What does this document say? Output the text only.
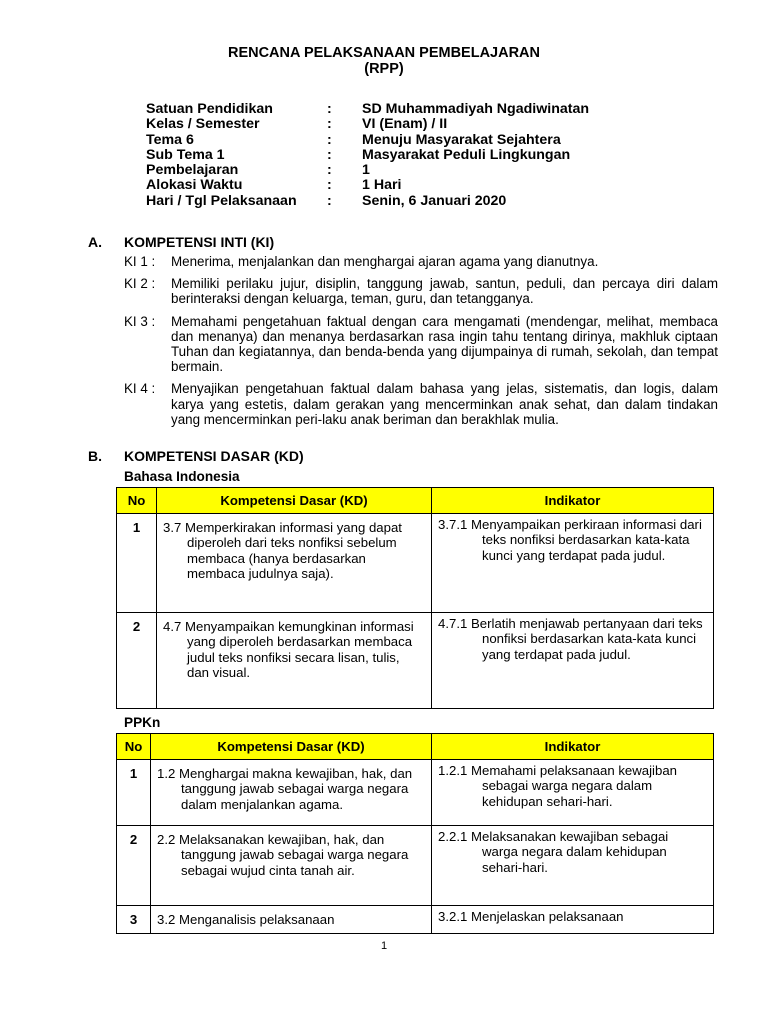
RENCANA PELAKSANAAN PEMBELAJARAN
(RPP)
Satuan Pendidikan	: SD Muhammadiyah Ngadiwinatan
Kelas / Semester	: VI (Enam) / II
Tema 6	: Menuju Masyarakat Sejahtera
Sub Tema 1	: Masyarakat Peduli Lingkungan
Pembelajaran	: 1
Alokasi Waktu	: 1 Hari
Hari / Tgl Pelaksanaan : Senin, 6 Januari 2020
A. KOMPETENSI INTI (KI)
KI 1 : Menerima, menjalankan dan menghargai ajaran agama yang dianutnya.
KI 2 : Memiliki perilaku jujur, disiplin, tanggung jawab, santun, peduli, dan percaya diri dalam berinteraksi dengan keluarga, teman, guru, dan tetangganya.
KI 3 : Memahami pengetahuan faktual dengan cara mengamati (mendengar, melihat, membaca dan menanya) dan menanya berdasarkan rasa ingin tahu tentang dirinya, makhluk ciptaan Tuhan dan kegiatannya, dan benda-benda yang dijumpainya di rumah, sekolah, dan tempat bermain.
KI 4 : Menyajikan pengetahuan faktual dalam bahasa yang jelas, sistematis, dan logis, dalam karya yang estetis, dalam gerakan yang mencerminkan anak sehat, dan dalam tindakan yang mencerminkan peri-laku anak beriman dan berakhlak mulia.
B. KOMPETENSI DASAR (KD)
Bahasa Indonesia
No	Kompetensi Dasar (KD)	Indikator
1	3.7 Memperkirakan informasi yang dapat diperoleh dari teks nonfiksi sebelum membaca (hanya berdasarkan membaca judulnya saja).	3.7.1 Menyampaikan perkiraan informasi dari teks nonfiksi berdasarkan kata-kata kunci yang terdapat pada judul.

2	4.7 Menyampaikan kemungkinan informasi yang diperoleh berdasarkan membaca judul teks nonfiksi secara lisan, tulis, dan visual.	4.7.1 Berlatih menjawab pertanyaan dari teks nonfiksi berdasarkan kata-kata kunci yang terdapat pada judul.
PPKn
No	Kompetensi Dasar (KD)	Indikator
1	1.2 Menghargai makna kewajiban, hak, dan tanggung jawab sebagai warga negara dalam menjalankan agama.	1.2.1 Memahami pelaksanaan kewajiban sebagai warga negara dalam kehidupan sehari-hari.

2	2.2 Melaksanakan kewajiban, hak, dan tanggung jawab sebagai warga negara sebagai wujud cinta tanah air.	2.2.1 Melaksanakan kewajiban sebagai warga negara dalam kehidupan sehari-hari.

3	3.2 Menganalisis pelaksanaan	3.2.1 Menjelaskan pelaksanaan
1
